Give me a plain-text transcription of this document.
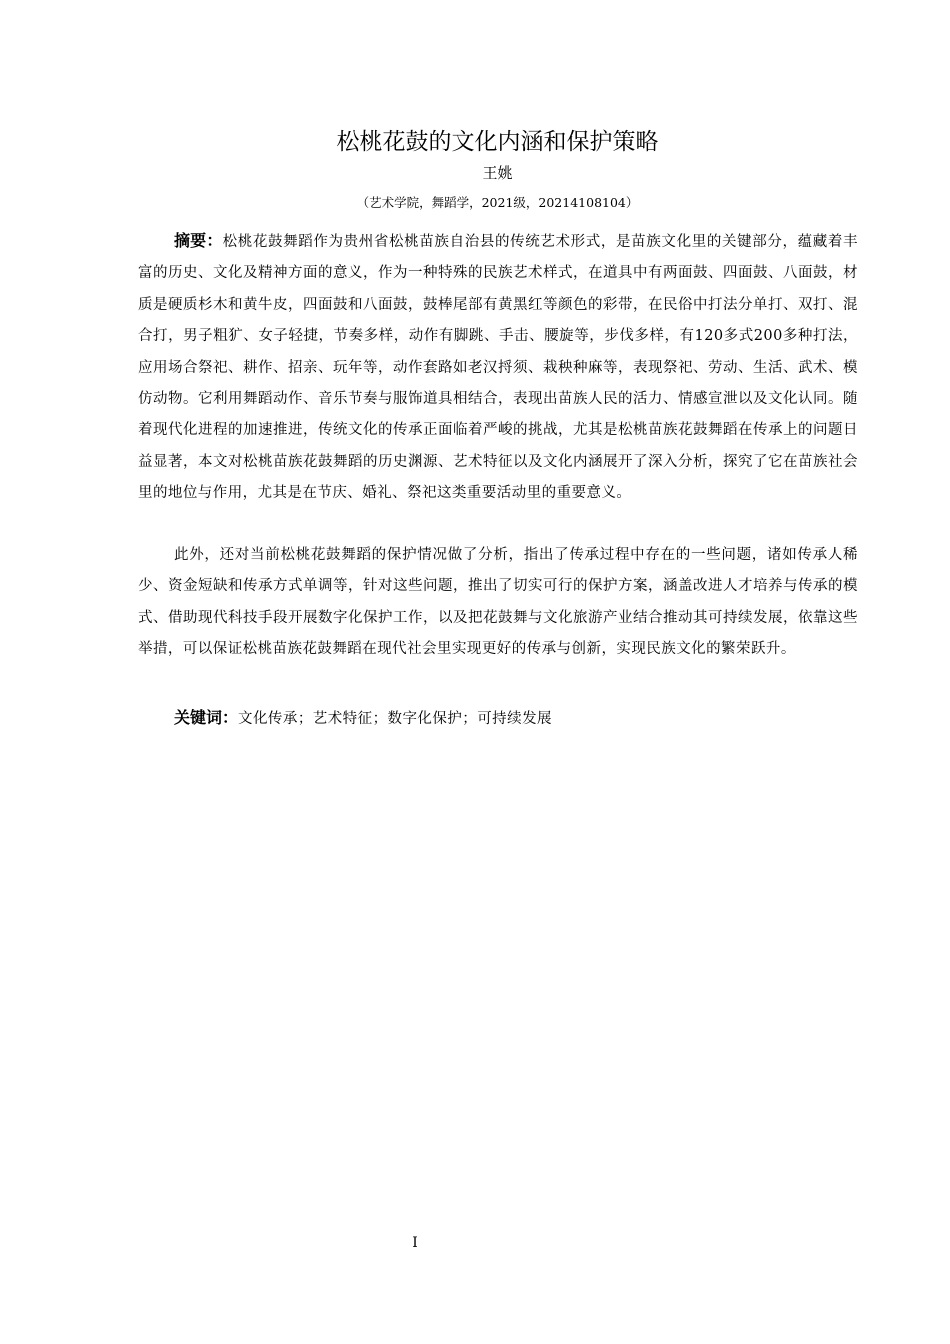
松桃花鼓的文化内涵和保护策略
王姚
（艺术学院，舞蹈学，2021级，20214108104）

摘要：松桃花鼓舞蹈作为贵州省松桃苗族自治县的传统艺术形式，是苗族文化里的关键部分，蕴藏着丰富的历史、文化及精神方面的意义，作为一种特殊的民族艺术样式，在道具中有两面鼓、四面鼓、八面鼓，材质是硬质杉木和黄牛皮，四面鼓和八面鼓，鼓棒尾部有黄黑红等颜色的彩带，在民俗中打法分单打、双打、混合打，男子粗犷、女子轻捷，节奏多样，动作有脚跳、手击、腰旋等，步伐多样，有120多式200多种打法，应用场合祭祀、耕作、招亲、玩年等，动作套路如老汉捋须、栽秧种麻等，表现祭祀、劳动、生活、武术、模仿动物。它利用舞蹈动作、音乐节奏与服饰道具相结合，表现出苗族人民的活力、情感宣泄以及文化认同。随着现代化进程的加速推进，传统文化的传承正面临着严峻的挑战，尤其是松桃苗族花鼓舞蹈在传承上的问题日益显著，本文对松桃苗族花鼓舞蹈的历史渊源、艺术特征以及文化内涵展开了深入分析，探究了它在苗族社会里的地位与作用，尤其是在节庆、婚礼、祭祀这类重要活动里的重要意义。

此外，还对当前松桃花鼓舞蹈的保护情况做了分析，指出了传承过程中存在的一些问题，诸如传承人稀少、资金短缺和传承方式单调等，针对这些问题，推出了切实可行的保护方案，涵盖改进人才培养与传承的模式、借助现代科技手段开展数字化保护工作，以及把花鼓舞与文化旅游产业结合推动其可持续发展，依靠这些举措，可以保证松桃苗族花鼓舞蹈在现代社会里实现更好的传承与创新，实现民族文化的繁荣跃升。

关键词：文化传承；艺术特征；数字化保护；可持续发展

I
